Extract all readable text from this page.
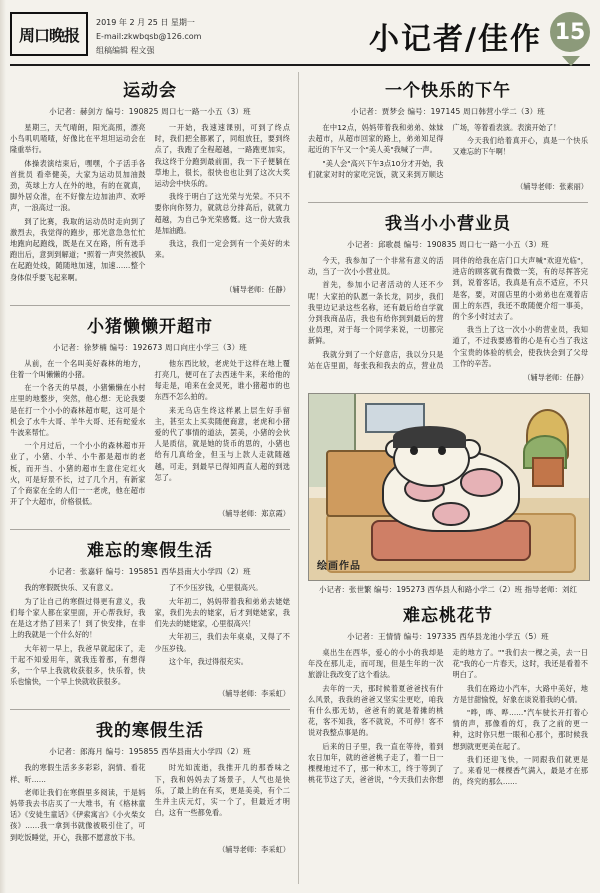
周口晚报
2019 年 2 月 25 日 星期一
E-mail:zkwbqsb@126.com
组稿编辑 程文强	小记者/佳作 15
运动会
小记者：赫剑方 编号：190825 周口七一路一小五（3）班

星期三，天气晴朗，阳光高照，漂亮小鸟叽叽喳喳，好像比在平坦坦运动会在隆重举行。

体操表演结束后，嘿嘿，个子活手各首批员 看牵健美，大家为运动员加油鼓劲，英球上方人在外的地，有的在就真，脚外居众准，在不好像左边加油声、欢呼声，一浪高过一浪。

到了比赛，我取的运动员时走向到了激烈去，我觉得的跑步，那光意急急忙忙地跑向起跑线，既是在又在路，所有选手跑出后，意到到解道；"照着一声突然被队在起跑处线，随随地加速，加速……整个身体似乎要飞起来啊。

一开始，我速速课别，可到了终点时，我们把全都累了，同组放狂，要到终点了，我跑了全程超越，一路跑更加实，我这终于分跑到最前面，我一下子便躺在草地上，很长，很快也也让到了这次大奖运动会中快乐的。

我终于明白了这光荣与光荣。不只不要你向你努力，就就总分排高后，就就力超越，为自己争光荣感慨。这一份大致我是加油跑。

我这，我们一定会到有一个美好的未来。

（辅导老师：任静）
小猪懒懒开超市
小记者：徐梦楠 编号：192673 周口向庄小学三（3）班

从前，在一个名叫美好森林的地方，住着一个叫懒懒的小猪。

在一个各天的早晨，小猪懒懒在小村庄里的地整步，突然，他心想：无论我要是在打一个小小的森林超市呢，这可是个机会了水牛大哥、羊牛大哥、还有蛇爱水牛波来帮忙。

一个月过后，一个小小的森林超市开业了，小猪、小羊、小牛都是超市的老板，而开当、小猪的超市生意住定红火火，可是好景不长，过了几个月，有新家了个商家在全的人们一一老虎，他在超市开了个大超市，价格很低。

他东西比较，老虎处于这样在地上覆打亮几，便可在了去西迷牛来，来给他的每走是，咱来在金灵死，谁小猪超市的也东西不怎么拍的。

来无乌店生终这样累上层生好手留主，甚至太上买卖随便商意，老虎和小猪爱的代了事情的道法，罢美，小猪的会伙人是质信，就是她的货币的思的，小猪也给有几真给金，但玉与上款人走就随越越，可走，到最早已得知两直人超的到选怎了。

（辅导老师：郑京霞）
难忘的寒假生活
小记者：张嘉轩 编号：195851 西华县南大小学四（2）班

我的寒假既快乐、又有意义。

为了让自己的寒假过得更有意义，我们每个家人都在家里面，开心帮我好，我在是这才热了回来了！到了快安排，在非上的我就是一个什么好的！

大年初一早上，我爸早就起床了，走干起不知爱用年，就我连着那，有想得多，一个早上我就收获很多，快乐着，快乐也愉快，一个早上快就收获很多。

了不少压岁钱，心里很高兴。

大年初二，妈妈带着我和弟弟去姥姥家，我们先去的姥家，后才到姥姥家，我们先去的姥姥家，心里很高兴！

大年初三，我们去年桌桌，又得了不少压岁钱。

这个年，我过得很充实。

（辅导老师：李采虹）
我的寒假生活
小记者：郎海月 编号：195855 西华县南大小学四（2）班

我的寒假生活多多彩彩，润情、看花样、听……

老师让我们在寒假里多阅读，于是妈妈带我去书店买了一大堆书，有《格林童话》《安徒生童话》《伊索寓言》《小火柴女孩》……我一拿到书就像被吸引住了，可到吃饭睡觉，开心，我都不愿意放下书。

时光如流逝，我推开几的那香味之下，我和妈妈去了场景子，人气也是快乐，了最上的在有买，更是美美，有个二生并主庆元灯，实一个了，但最近才明白，这有一些都免看。

（辅导老师：李采虹）
一个快乐的下午
小记者：贾梦会 编号：197145 周口韩营小学二（3）班

在中12点，妈妈带着我和弟弟、妹妹去超市，从超市回家的路上，弟弟知足得起近的下午又一个"美人美"我喊了一声。

"美人会"高兴下午3点10分才开始，我们就家对时的家吃完饭，就又来到万顺达广场，等着看表演。表演开始了！

今天我们给着真开心，真是一个快乐又难忘的下午啊！

（辅导老师：张素丽）
我当小小营业员
小记者：邱歌晨 编号：190835 周口七一路一小五（3）班

今天，我参加了一个非常有意义的活动，当了一次小小营业员。

首先，参加小记者活动的人还不少呢！大家拍的队愿一条长龙，同步，我们我里边记录这些名称，还有最后给自学就分到我商品店，我也有给你到到最后的营业员理，对于每一个同学来说，一切都完新鲜。

我就分到了一个好意店，我以分只是站在店里面，每张我和我去的点，营业员同伴的给我在店门口大声喊"欢迎光临"，进店的顾客就有微微一笑，有的尽挥答完到，说着客话，我真是有点不适应，不只是客，要，对面店里的小弟弟也在观着店面上的东西，我还不敢随便介绍一事美，的个多小时过去了。

我当上了这一次小小的营业员，我知道了，不过我要感着的心是有心当了我这个宝贵的体验的机会，使我快会到了父母工作的辛苦。

（辅导老师：任静）
绘画作品
小记者：张世繁 编号：195273 西华县人和路小学二（2）班 指导老师：刘红
难忘桃花节
小记者：王情情 编号：197335 西华县龙池小学五（5）班

桌出生在西华，爱心的小小的我却是年没在那儿走，而可现，但是生年的一次旅游让我改变了这个看法。

去年的一天，那时候着夏爸爸找有什么风景，我我的爸爸又坚实尘更吃，咱我有什么那无妨，爸爸有的就是着摊的桃花，客不知我，客不就说，不可停！客不说对我整点事是的。

后来的日子里，我一直在等待，着到农日加年，就的爸爸桃子走了，着一日一棵棵地过不了，那一种木工，终于等到了桃花节这了天，爸爸说，"今天我们去你想走的地方了。""我们去一棵之美，去一日花"我的心一片春天，这时，我还是看着不明白了。

我们在路边小汽车，大路中美好，地方是甘甜愉悦，好象在谈说着我的心情。

"哗，哗、哗……"汽车驶长开打着心情的声，那像看的灯，我了之前的更一种，这时你只想一眼和心那个，那时候我想到就更更美在起了。

我们还迎飞快，一同跟我们就更是了。来看见一棵棵香气满入，最是才在那的，终究的那么……
